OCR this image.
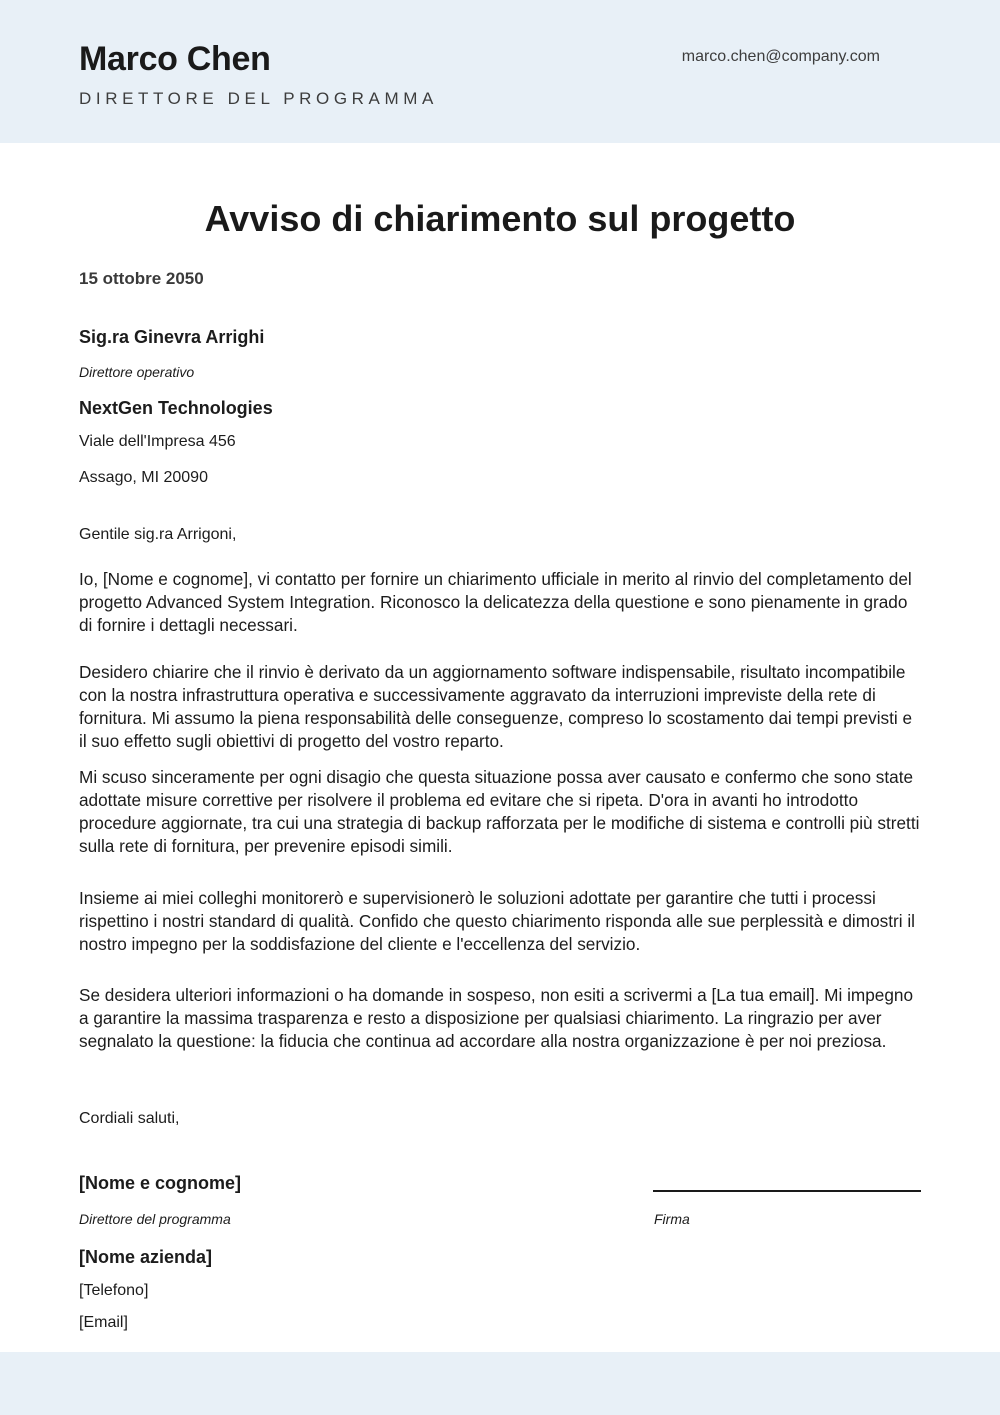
Marco Chen
DIRETTORE DEL PROGRAMMA
marco.chen@company.com
Avviso di chiarimento sul progetto
15 ottobre 2050
Sig.ra Ginevra Arrighi
Direttore operativo
NextGen Technologies
Viale dell'Impresa 456
Assago, MI 20090
Gentile sig.ra Arrigoni,

Io, [Nome e cognome], vi contatto per fornire un chiarimento ufficiale in merito al rinvio del completamento del progetto Advanced System Integration. Riconosco la delicatezza della questione e sono pienamente in grado di fornire i dettagli necessari.

Desidero chiarire che il rinvio è derivato da un aggiornamento software indispensabile, risultato incompatibile con la nostra infrastruttura operativa e successivamente aggravato da interruzioni impreviste della rete di fornitura. Mi assumo la piena responsabilità delle conseguenze, compreso lo scostamento dai tempi previsti e il suo effetto sugli obiettivi di progetto del vostro reparto.

Mi scuso sinceramente per ogni disagio che questa situazione possa aver causato e confermo che sono state adottate misure correttive per risolvere il problema ed evitare che si ripeta. D'ora in avanti ho introdotto procedure aggiornate, tra cui una strategia di backup rafforzata per le modifiche di sistema e controlli più stretti sulla rete di fornitura, per prevenire episodi simili.

Insieme ai miei colleghi monitorerò e supervisionerò le soluzioni adottate per garantire che tutti i processi rispettino i nostri standard di qualità. Confido che questo chiarimento risponda alle sue perplessità e dimostri il nostro impegno per la soddisfazione del cliente e l'eccellenza del servizio.

Se desidera ulteriori informazioni o ha domande in sospeso, non esiti a scrivermi a [La tua email]. Mi impegno a garantire la massima trasparenza e resto a disposizione per qualsiasi chiarimento. La ringrazio per aver segnalato la questione: la fiducia che continua ad accordare alla nostra organizzazione è per noi preziosa.

Cordiali saluti,
[Nome e cognome]
Direttore del programma
[Nome azienda]
[Telefono]
[Email]
Firma
